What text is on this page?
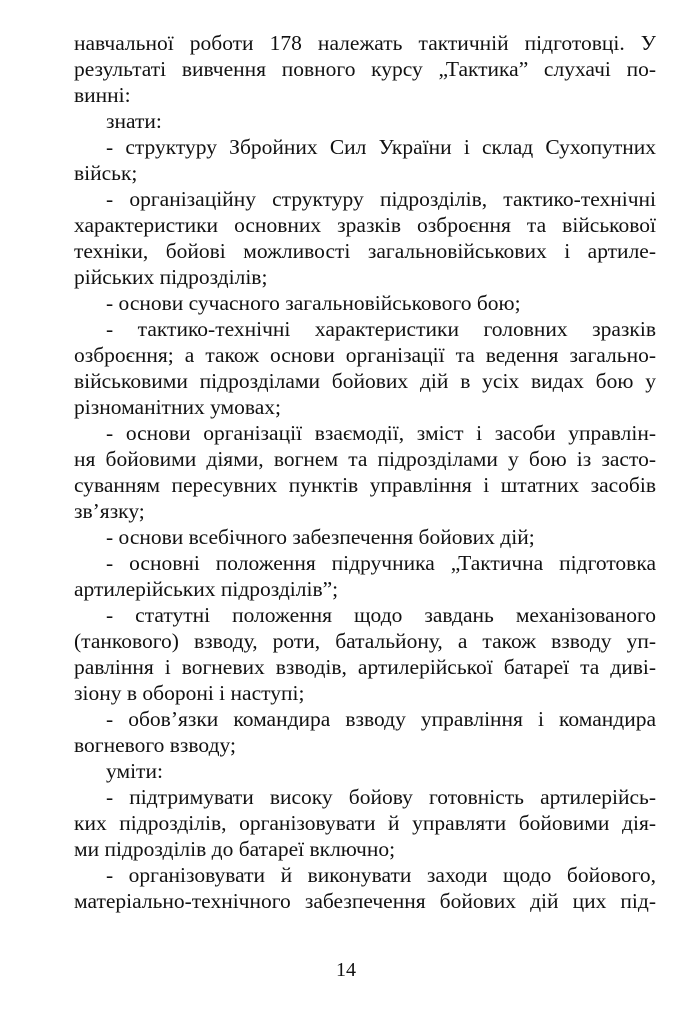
навчальної роботи 178 належать тактичній підготовці. У
результаті вивчення повного курсу „Тактика” слухачі по-
винні:
знати:
- структуру Збройних Сил України і склад Сухопутних
військ;
- організаційну структуру підрозділів, тактико-технічні
характеристики основних зразків озброєння та військової
техніки, бойові можливості загальновійськових і артиле-
рійських підрозділів;
- основи сучасного загальновійськового бою;
- тактико-технічні характеристики головних зразків
озброєння; а також основи організації та ведення загально-
військовими підрозділами бойових дій в усіх видах бою у
різноманітних умовах;
- основи організації взаємодії, зміст і засоби управлін-
ня бойовими діями, вогнем та підрозділами у бою із засто-
суванням пересувних пунктів управління і штатних засобів
зв’язку;
- основи всебічного забезпечення бойових дій;
- основні положення підручника „Тактична підготовка
артилерійських підрозділів”;
- статутні положення щодо завдань механізованого
(танкового) взводу, роти, батальйону, а також взводу уп-
равління і вогневих взводів, артилерійської батареї та диві-
зіону в обороні і наступі;
- обов’язки командира взводу управління і командира
вогневого взводу;
уміти:
- підтримувати високу бойову готовність артилерійсь-
ких підрозділів, організовувати й управляти бойовими дія-
ми підрозділів до батареї включно;
- організовувати й виконувати заходи щодо бойового,
матеріально-технічного забезпечення бойових дій цих під-
14
